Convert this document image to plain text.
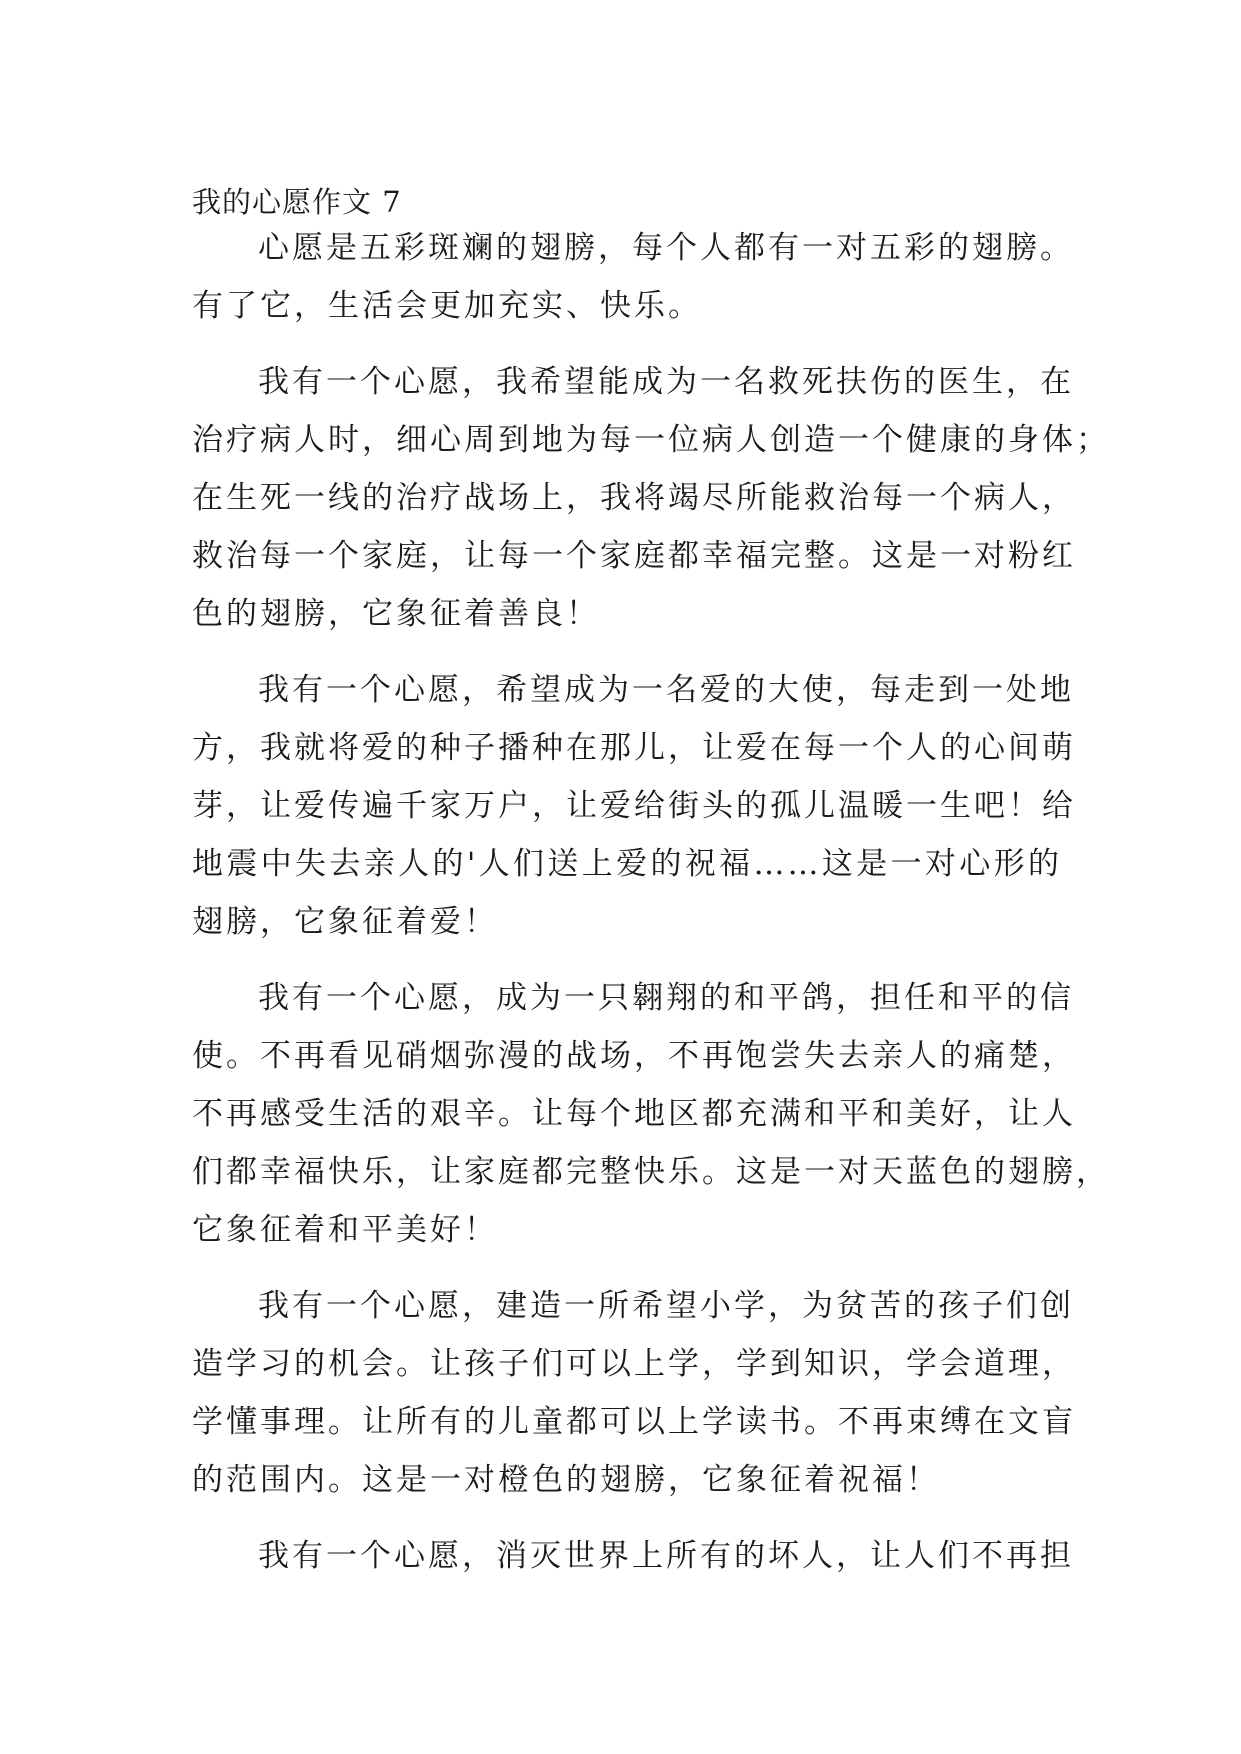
我的心愿作文 7
心愿是五彩斑斓的翅膀，每个人都有一对五彩的翅膀。
有了它，生活会更加充实、快乐。
我有一个心愿，我希望能成为一名救死扶伤的医生，在
治疗病人时，细心周到地为每一位病人创造一个健康的身体；
在生死一线的治疗战场上，我将竭尽所能救治每一个病人，
救治每一个家庭，让每一个家庭都幸福完整。这是一对粉红
色的翅膀，它象征着善良！
我有一个心愿，希望成为一名爱的大使，每走到一处地
方，我就将爱的种子播种在那儿，让爱在每一个人的心间萌
芽，让爱传遍千家万户，让爱给街头的孤儿温暖一生吧！给
地震中失去亲人的'人们送上爱的祝福……这是一对心形的
翅膀，它象征着爱！
我有一个心愿，成为一只翱翔的和平鸽，担任和平的信
使。不再看见硝烟弥漫的战场，不再饱尝失去亲人的痛楚，
不再感受生活的艰辛。让每个地区都充满和平和美好，让人
们都幸福快乐，让家庭都完整快乐。这是一对天蓝色的翅膀，
它象征着和平美好！
我有一个心愿，建造一所希望小学，为贫苦的孩子们创
造学习的机会。让孩子们可以上学，学到知识，学会道理，
学懂事理。让所有的儿童都可以上学读书。不再束缚在文盲
的范围内。这是一对橙色的翅膀，它象征着祝福！
我有一个心愿，消灭世界上所有的坏人，让人们不再担
